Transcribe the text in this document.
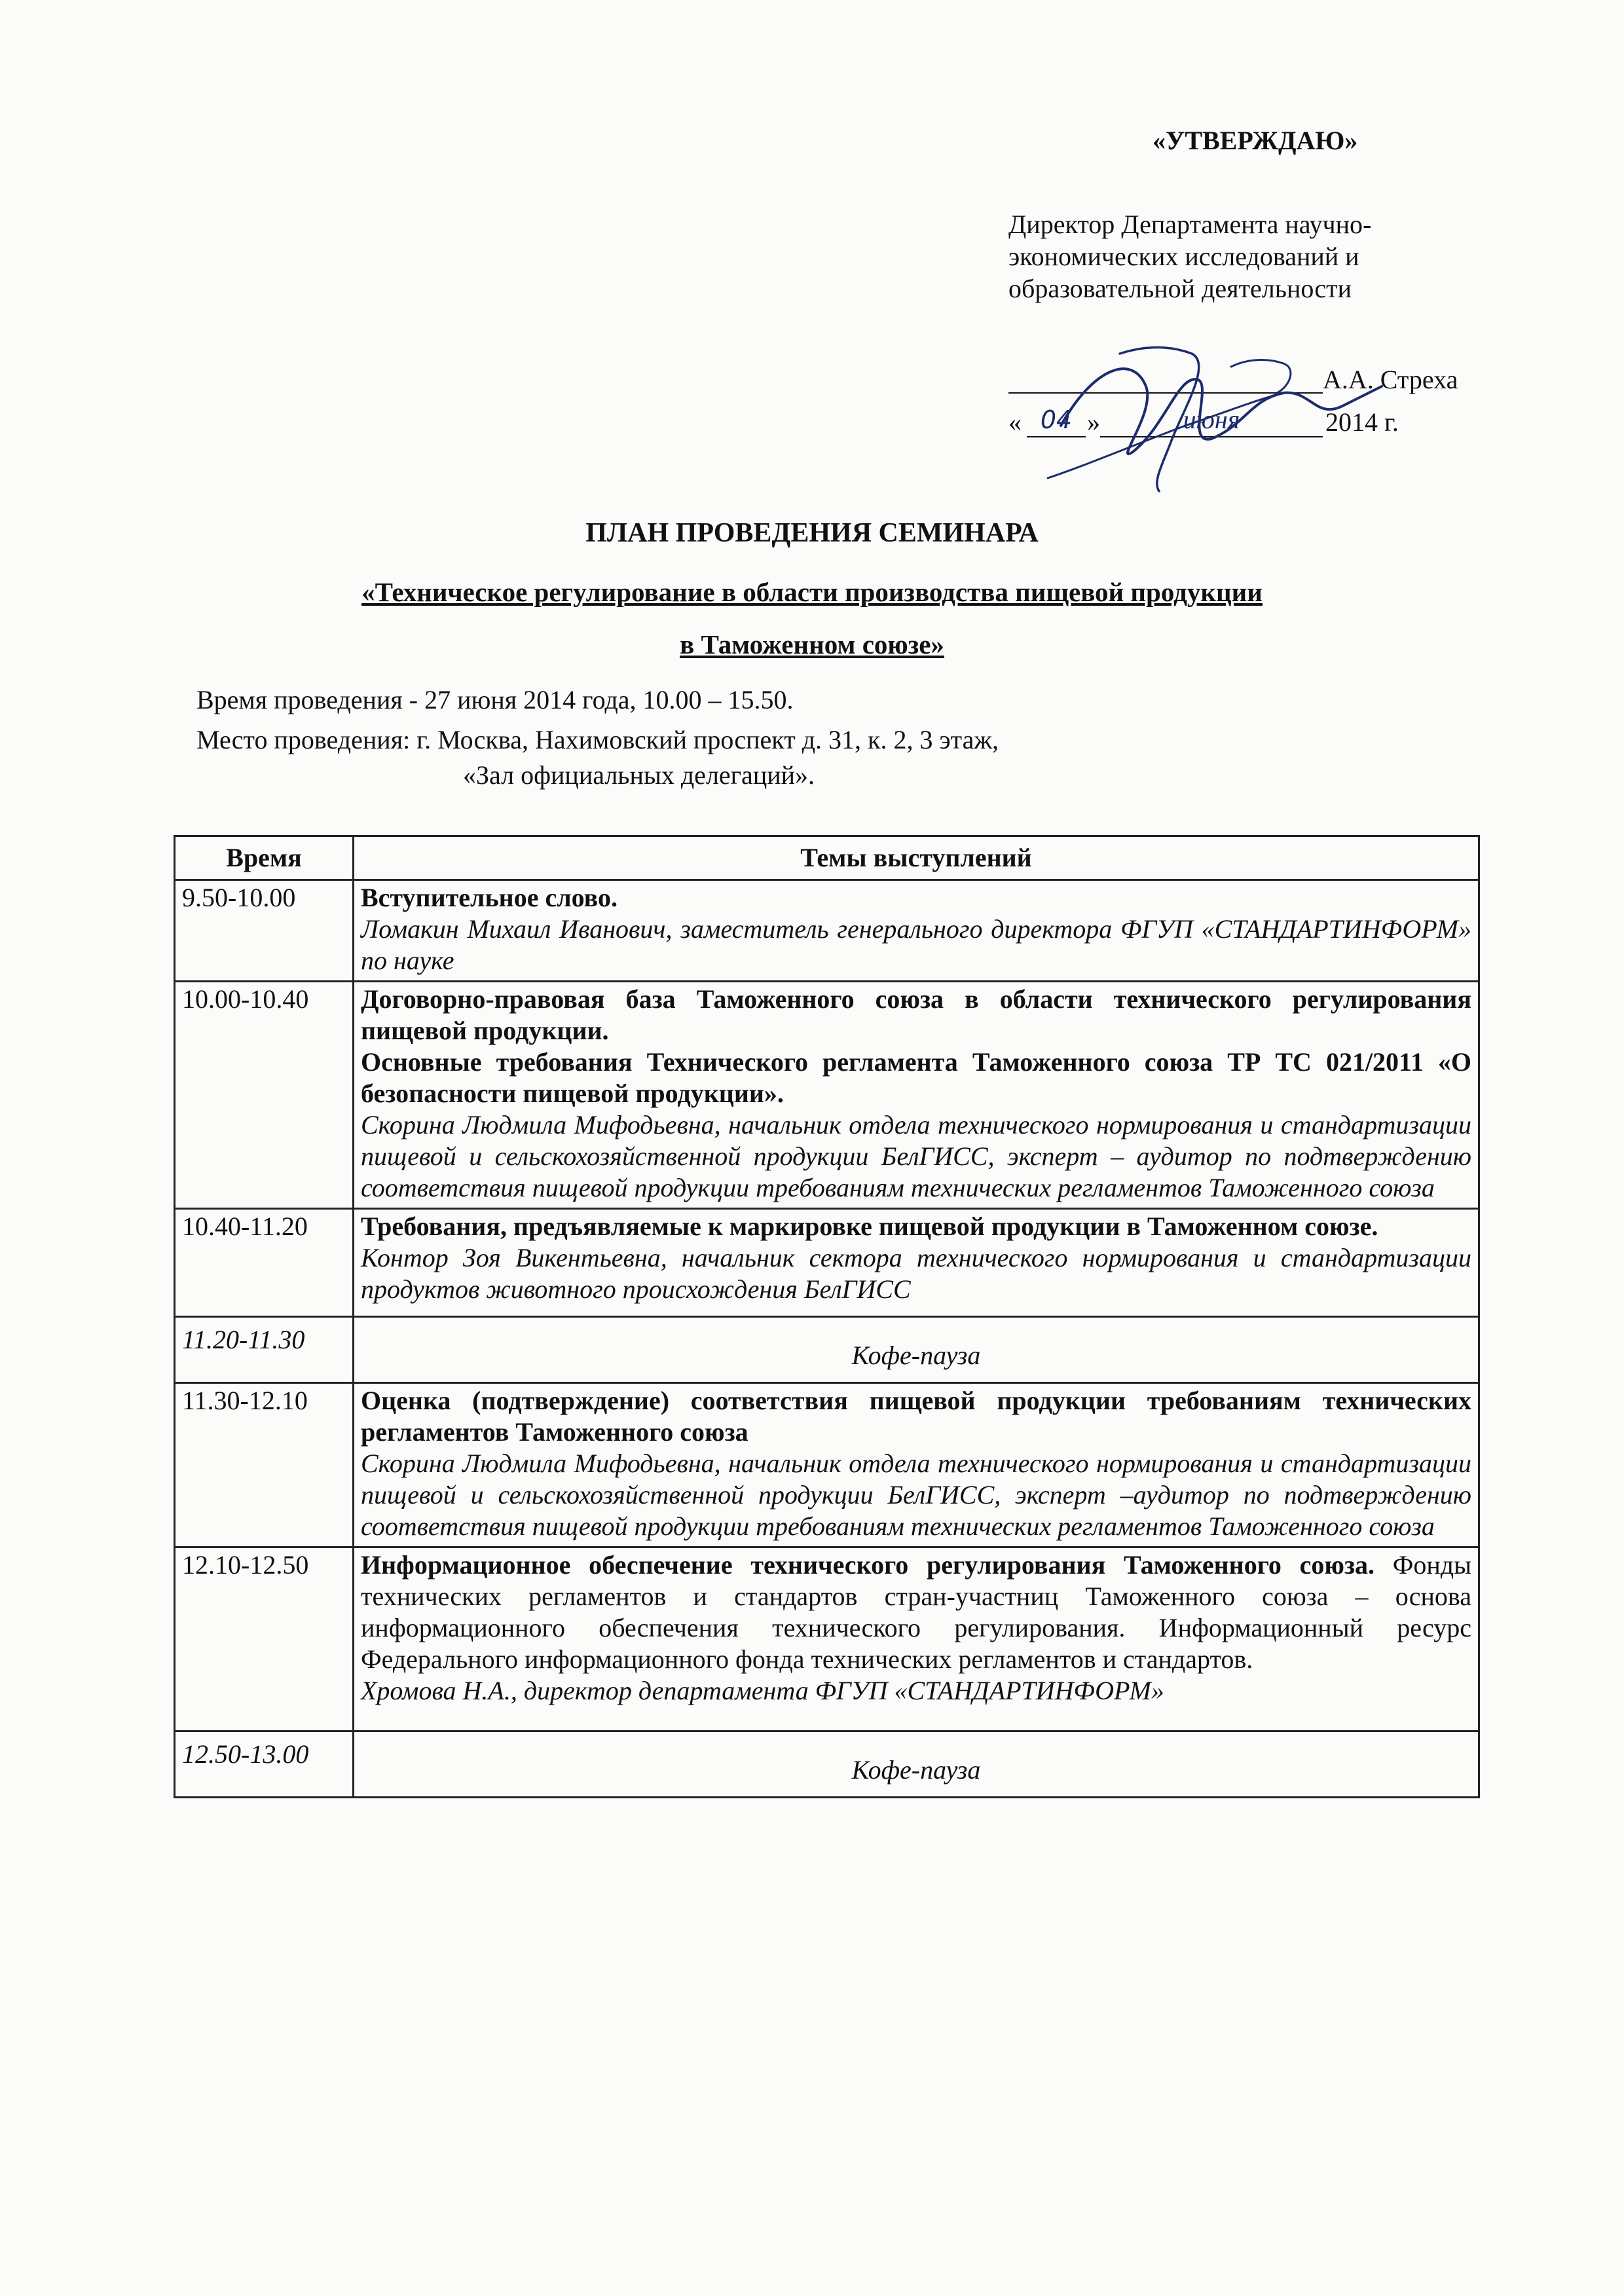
«УТВЕРЖДАЮ»
Директор Департамента научно-экономических исследований и образовательной деятельности
А.А. Стреха
« 04 »	июня	2014 г.
ПЛАН ПРОВЕДЕНИЯ СЕМИНАРА
«Техническое регулирование в области производства пищевой продукции
в Таможенном союзе»
Время проведения - 27 июня 2014 года, 10.00 – 15.50.
Место проведения: г. Москва, Нахимовский проспект д. 31, к. 2, 3 этаж,
«Зал официальных делегаций».
Время	Темы выступлений
9.50-10.00	Вступительное слово.
Ломакин Михаил Иванович, заместитель генерального директора ФГУП «СТАНДАРТИНФОРМ» по науке

10.00-10.40	Договорно-правовая база Таможенного союза в области технического регулирования пищевой продукции.
Основные требования Технического регламента Таможенного союза ТР ТС 021/2011 «О безопасности пищевой продукции».
Скорина Людмила Мифодьевна, начальник отдела технического нормирования и стандартизации пищевой и сельскохозяйственной продукции БелГИСС, эксперт – аудитор по подтверждению соответствия пищевой продукции требованиям технических регламентов Таможенного союза

10.40-11.20	Требования, предъявляемые к маркировке пищевой продукции в Таможенном союзе.
Контор Зоя Викентьевна, начальник сектора технического нормирования и стандартизации продуктов животного происхождения БелГИСС

11.20-11.30	Кофе-пауза
11.30-12.10	Оценка (подтверждение) соответствия пищевой продукции требованиям технических регламентов Таможенного союза
Скорина Людмила Мифодьевна, начальник отдела технического нормирования и стандартизации пищевой и сельскохозяйственной продукции БелГИСС, эксперт –аудитор по подтверждению соответствия пищевой продукции требованиям технических регламентов Таможенного союза

12.10-12.50	Информационное обеспечение технического регулирования Таможенного союза. Фонды технических регламентов и стандартов стран-участниц Таможенного союза – основа информационного обеспечения технического регулирования. Информационный ресурс Федерального информационного фонда технических регламентов и стандартов.
Хромова Н.А., директор департамента ФГУП «СТАНДАРТИНФОРМ»

12.50-13.00	Кофе-пауза
